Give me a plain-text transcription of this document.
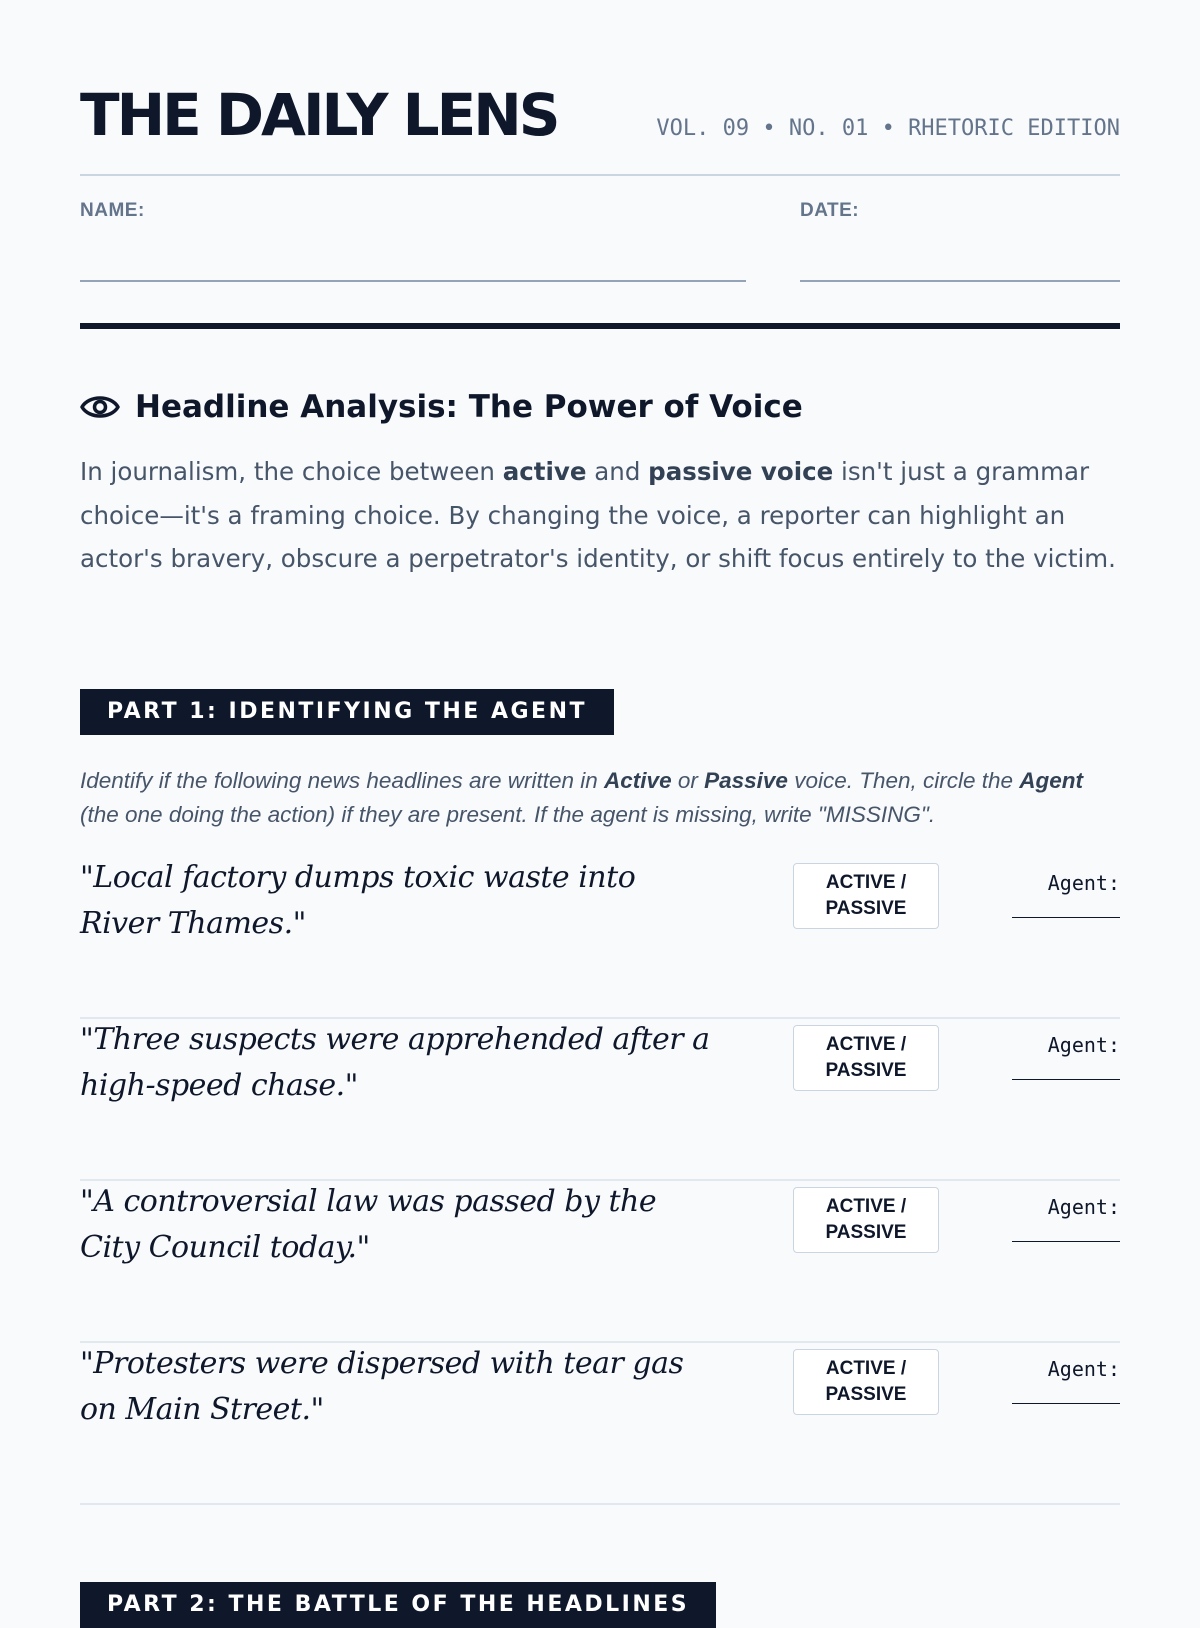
THE DAILY LENS	VOL. 09 • NO. 01 • RHETORIC EDITION
NAME:	DATE:
Headline Analysis: The Power of Voice

In journalism, the choice between active and passive voice isn't just a grammar choice—it's a framing choice. By changing the voice, a reporter can highlight an actor's bravery, obscure a perpetrator's identity, or shift focus entirely to the victim.

PART 1: IDENTIFYING THE AGENT

Identify if the following news headlines are written in Active or Passive voice. Then, circle the Agent (the one doing the action) if they are present. If the agent is missing, write "MISSING".

"Local factory dumps toxic waste into River Thames."

ACTIVE / PASSIVE
Agent:

"Three suspects were apprehended after a high-speed chase."

ACTIVE / PASSIVE
Agent:

"A controversial law was passed by the City Council today."

ACTIVE / PASSIVE
Agent:

"Protesters were dispersed with tear gas on Main Street."

ACTIVE / PASSIVE
Agent:
PART 2: THE BATTLE OF THE HEADLINES
